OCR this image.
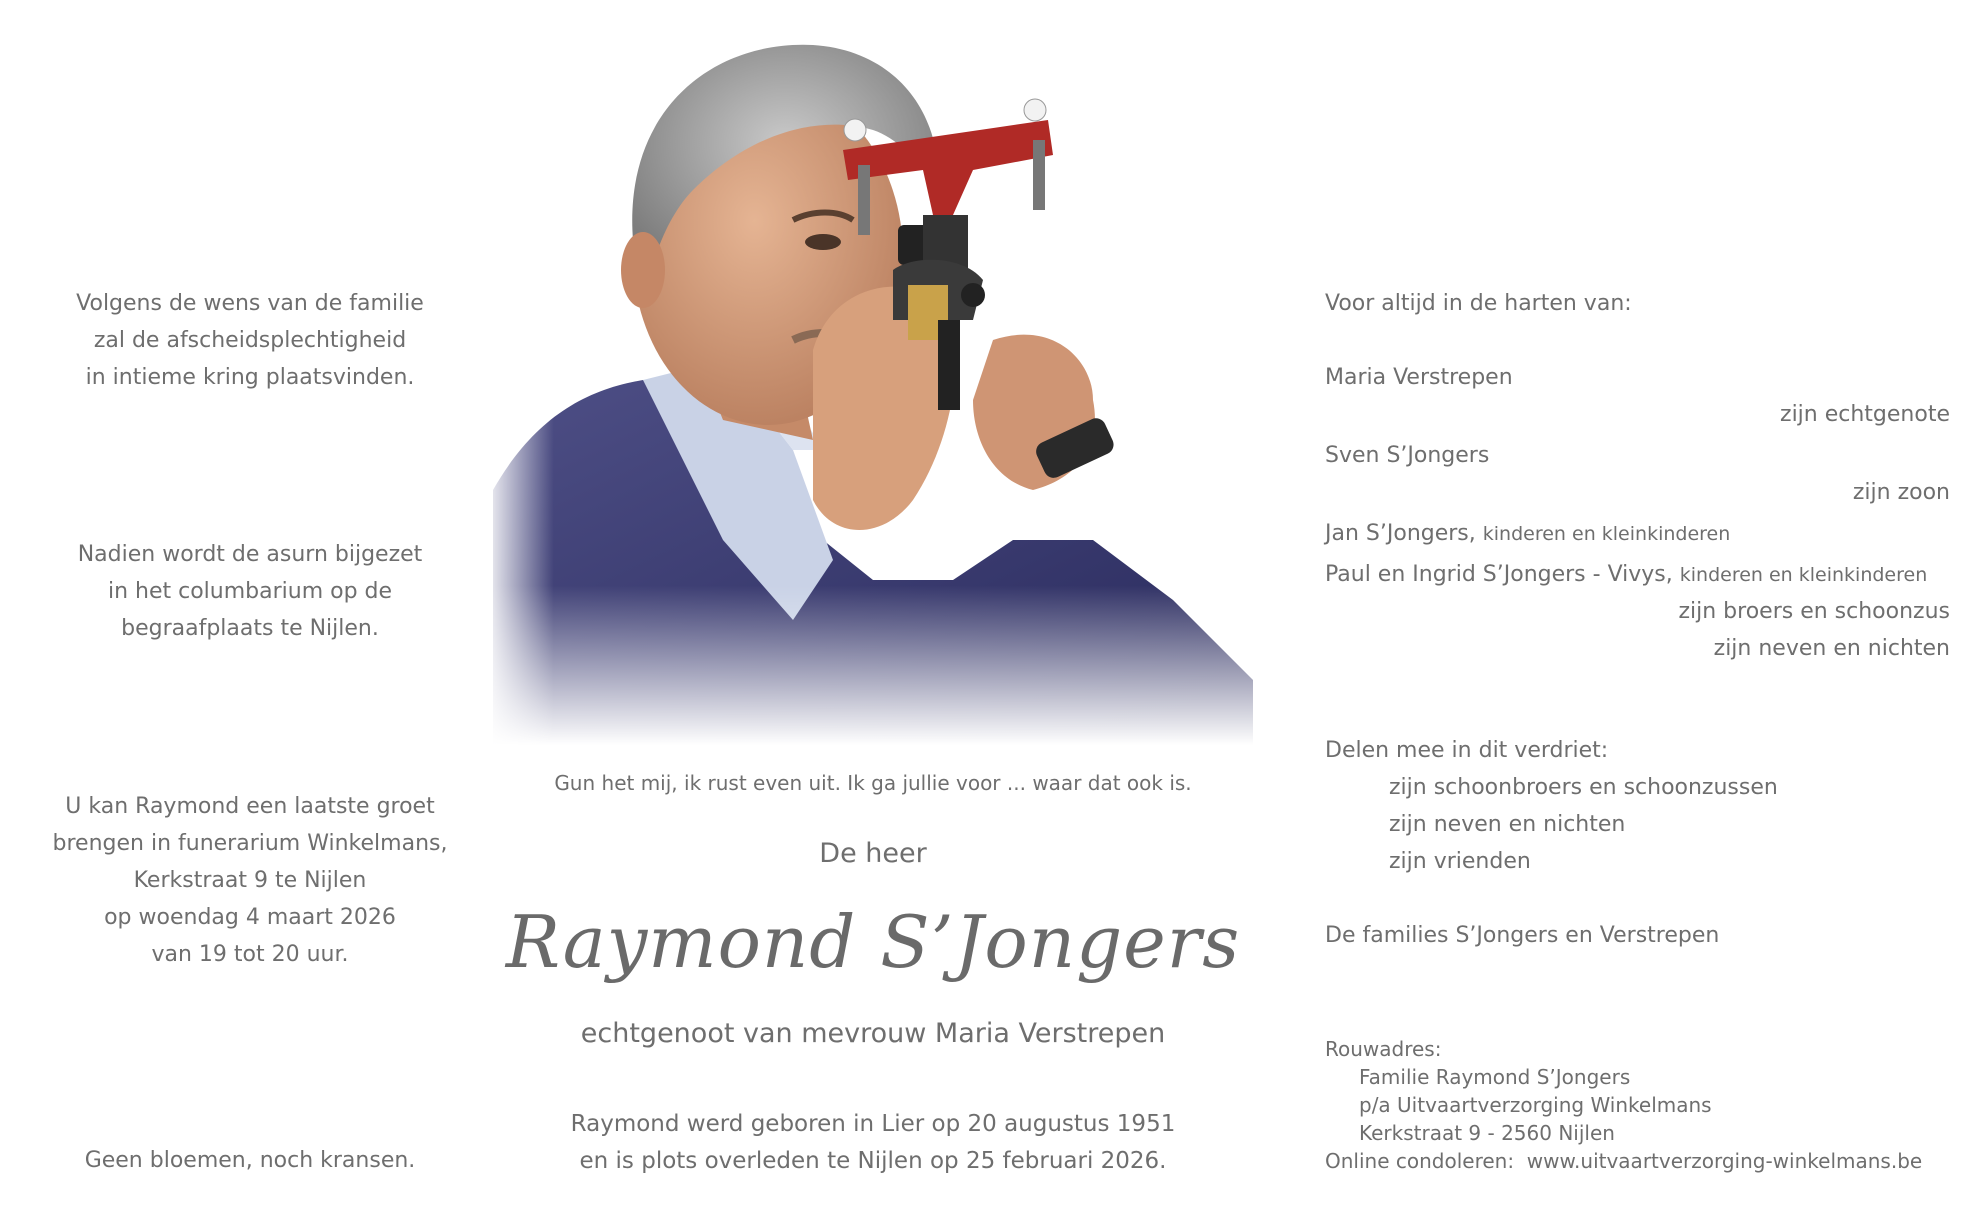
Volgens de wens van de familie
zal de afscheidsplechtigheid
in intieme kring plaatsvinden.
Nadien wordt de asurn bijgezet
in het columbarium op de
begraafplaats te Nijlen.
U kan Raymond een laatste groet
brengen in funerarium Winkelmans,
Kerkstraat 9 te Nijlen
op woendag 4 maart 2026
van 19 tot 20 uur.
Geen bloemen, noch kransen.
Gun het mij, ik rust even uit. Ik ga jullie voor ... waar dat ook is.
De heer
Raymond S’Jongers
echtgenoot van mevrouw Maria Verstrepen
Raymond werd geboren in Lier op 20 augustus 1951
en is plots overleden te Nijlen op 25 februari 2026.
Voor altijd in de harten van:
Maria Verstrepen
zijn echtgenote
Sven S’Jongers
zijn zoon
Jan S’Jongers, kinderen en kleinkinderen
Paul en Ingrid S’Jongers - Vivys, kinderen en kleinkinderen
zijn broers en schoonzus
zijn neven en nichten
Delen mee in dit verdriet:
zijn schoonbroers en schoonzussen
zijn neven en nichten
zijn vrienden
De families S’Jongers en Verstrepen
Rouwadres:
Familie Raymond S’Jongers
p/a Uitvaartverzorging Winkelmans
Kerkstraat 9 - 2560 Nijlen
Online condoleren: www.uitvaartverzorging-winkelmans.be
